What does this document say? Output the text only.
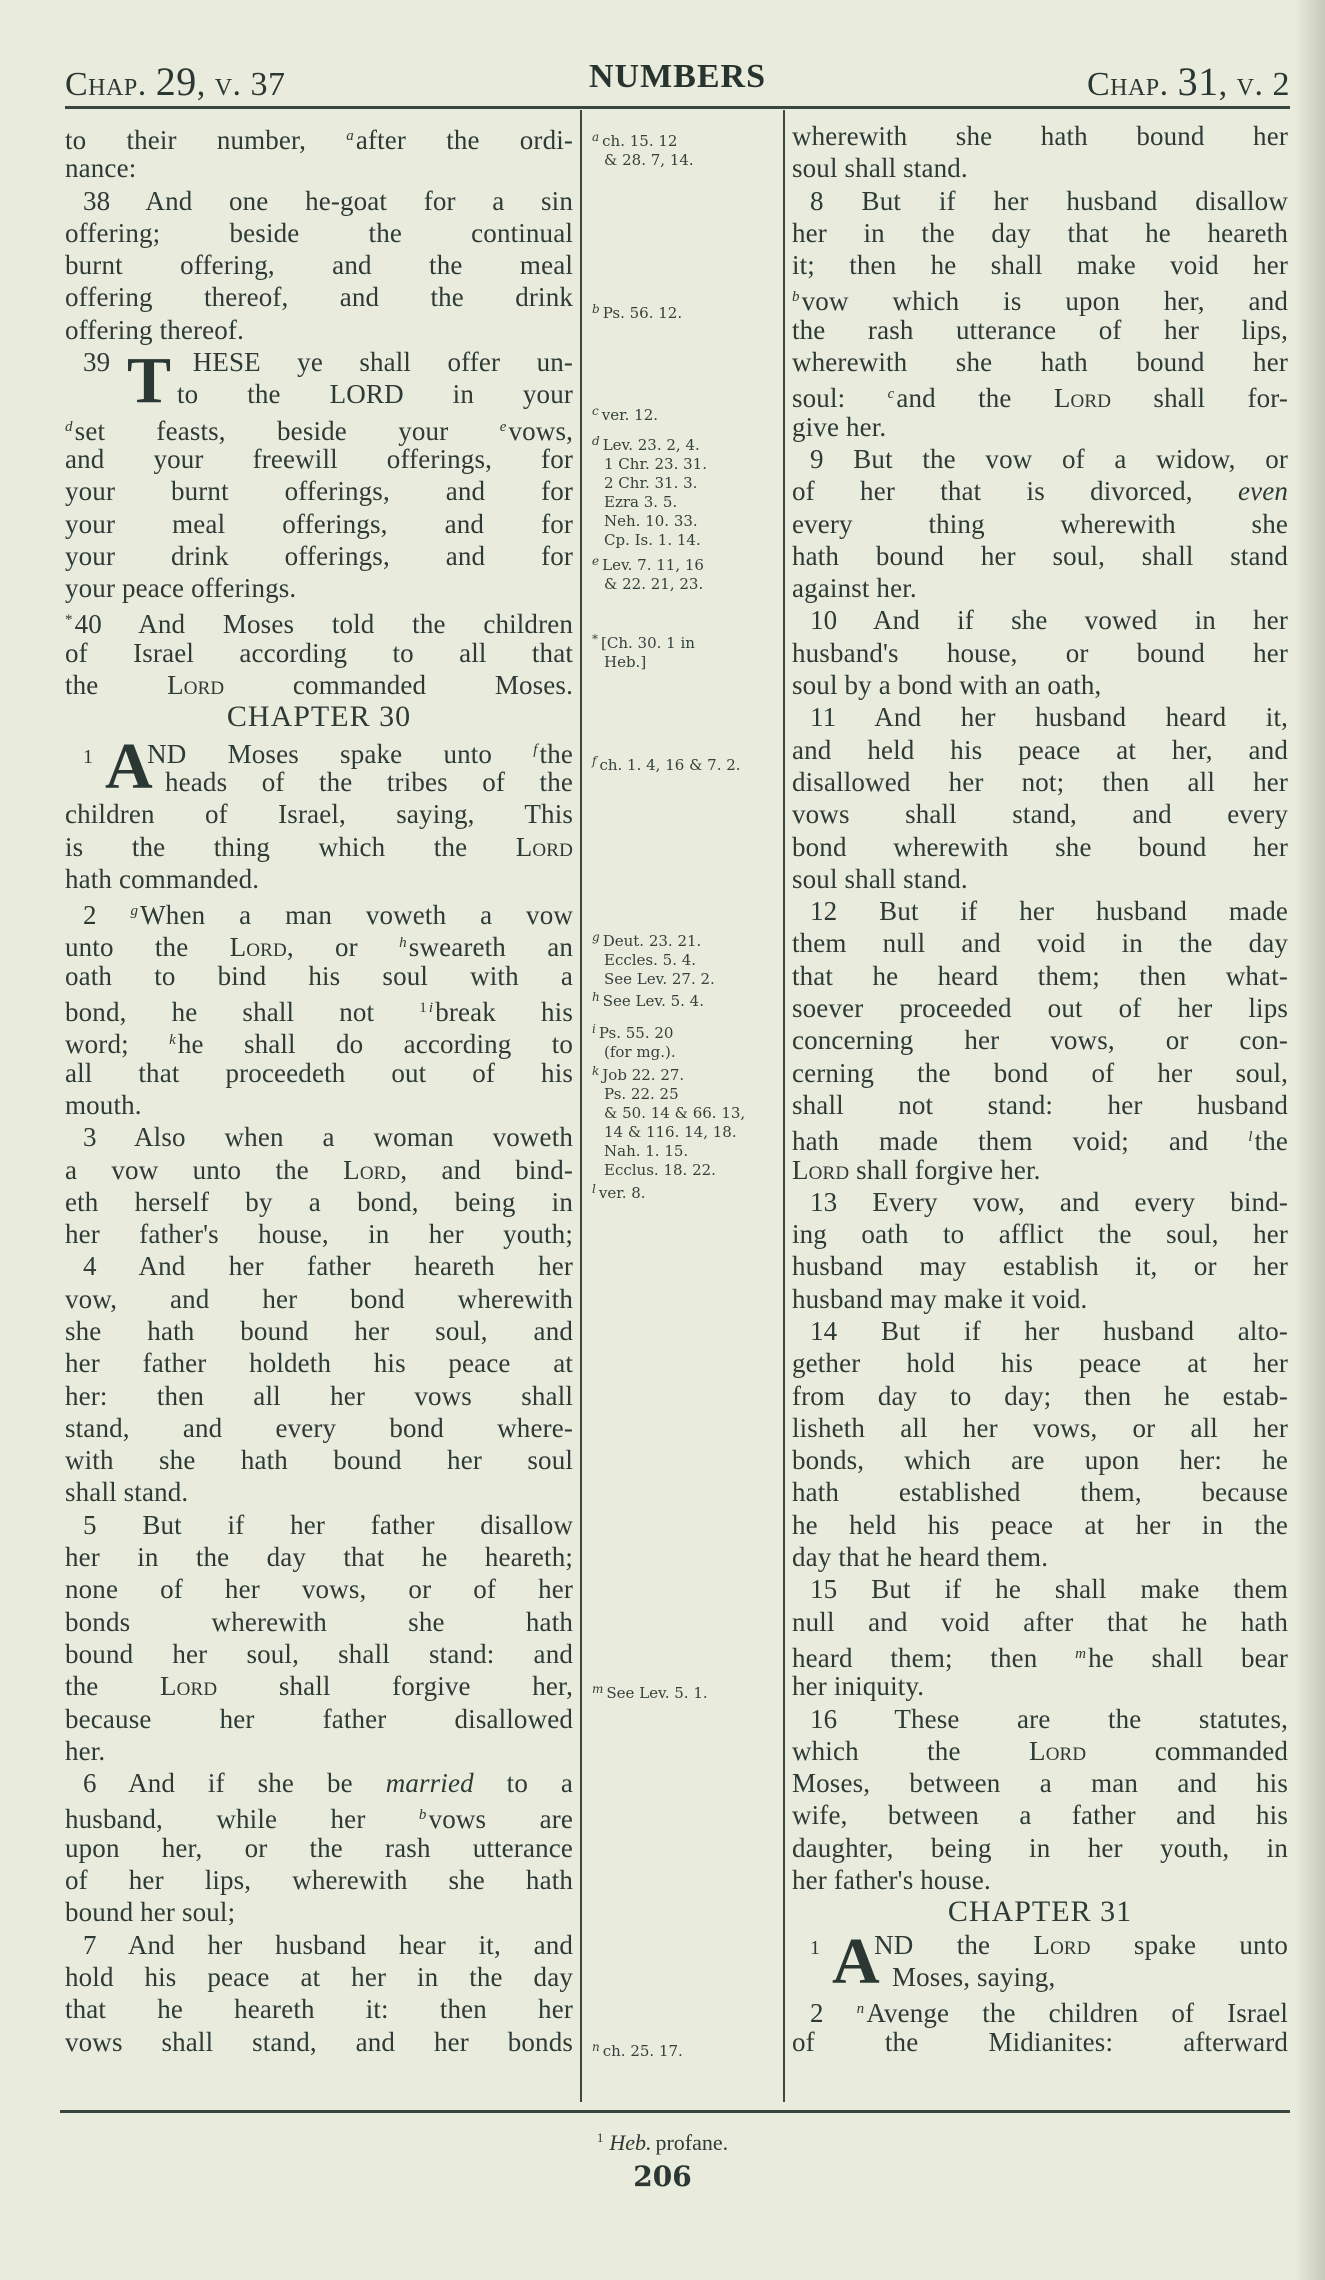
Chap. 29, v. 37	NUMBERS	Chap. 31, v. 2
to their number,	$^a$after the ordi-
nance:
38 And one he-goat for a sin
offering; beside the continual
burnt offering, and the meal
offering thereof, and the drink
offering thereof.
39 T HESE ye shall offer un-
to the LORD in your
$^d$set feasts, beside your	$^e$vows,
and your freewill offerings, for
your burnt offerings, and for
your meal offerings, and for
your drink offerings, and for
your peace offerings.
*40 And Moses told the children
of Israel according to all that
the	Lord	commanded Moses.
CHAPTER 30
1 A
ND Moses spake unto	$^f$the
heads of the tribes of the
children of Israel, saying, This
is the thing which the Lord
hath commanded.
2 $^g$When a man voweth a vow
unto the Lord, or	$^h$sweareth an
oath to bind his soul with a
bond, he shall not	$^1$ $^i$break his
word;	$^k$he shall do according to
all that proceedeth out of his
mouth.
3 Also when a woman voweth
a vow unto the Lord, and bind-
eth herself by a bond, being in
her father's house, in her youth;
4 And her father heareth her
vow, and her bond wherewith
she hath bound her soul, and
her father holdeth his peace at
her: then all her vows shall
stand, and every bond where-
with she hath bound her soul
shall stand.
5 But if her father disallow
her in the day that he heareth;
none of her vows, or of her
bonds wherewith she hath
bound her soul, shall stand: and
the Lord shall forgive her,
because her father disallowed
her.
6 And if she be married to a
husband, while her	$^b$vows are
upon her, or the rash utterance
of her lips, wherewith she hath
bound her soul;
7 And her husband hear it, and
hold his peace at her in the day
that he heareth it: then her
vows shall stand, and her bonds
$^a$ ch. 15. 12
& 28. 7, 14.
$^b$ Ps. 56. 12.
$^c$ ver. 12.
$^d$ Lev. 23. 2, 4.
1 Chr. 23. 31.
2 Chr. 31. 3.
Ezra 3. 5.
Neh. 10. 33.
Cp. Is. 1. 14.
$^e$ Lev. 7. 11, 16
& 22. 21, 23.
* [Ch. 30. 1 in
Heb.]
$^f$ ch. 1. 4, 16 & 7. 2.
$^g$ Deut. 23. 21.
Eccles. 5. 4.
See Lev. 27. 2.
$^h$ See Lev. 5. 4.
$^i$ Ps. 55. 20
(for mg.).
$^k$ Job 22. 27.
Ps. 22. 25
& 50. 14 & 66. 13,
14 & 116. 14, 18.
Nah. 1. 15.
Ecclus. 18. 22.
$^l$ ver. 8.
$^m$ See Lev. 5. 1.
$^n$ ch. 25. 17.
wherewith she hath bound her
soul shall stand.
8 But if her husband disallow
her in the day that he heareth
it; then he shall make void her
$^b$vow which is upon her, and
the rash utterance of her lips,
wherewith she hath bound her
soul:	$^c$and the Lord shall for-
give her.
9 But the vow of a widow, or
of her that is divorced, even
every thing wherewith she
hath bound her soul, shall stand
against her.
10 And if she vowed in her
husband's house, or bound her
soul by a bond with an oath,
11 And her husband heard it,
and held his peace at her, and
disallowed her not; then all her
vows shall stand, and every
bond wherewith she bound her
soul shall stand.
12 But if her husband made
them null and void in the day
that he heard them; then what-
soever proceeded out of her lips
concerning her vows, or con-
cerning the bond of her soul,
shall not stand: her husband
hath made them void; and	$^l$the
Lord shall forgive her.
13 Every vow, and every bind-
ing oath to afflict the soul, her
husband may establish it, or her
husband may make it void.
14 But if her husband alto-
gether hold his peace at her
from day to day; then he estab-
lisheth all her vows, or all her
bonds, which are upon her: he
hath established them, because
he held his peace at her in the
day that he heard them.
15 But if he shall make them
null and void after that he hath
heard them; then	$^m$he shall bear
her iniquity.
16 These are the statutes,
which the	Lord	commanded
Moses, between a man and his
wife, between a father and his
daughter, being in her youth, in
her father's house.
CHAPTER 31
1 A
ND the Lord spake unto
Moses, saying,
2 $^n$Avenge the children of Israel
of the Midianites: afterward
$^1$ Heb. profane.
206
